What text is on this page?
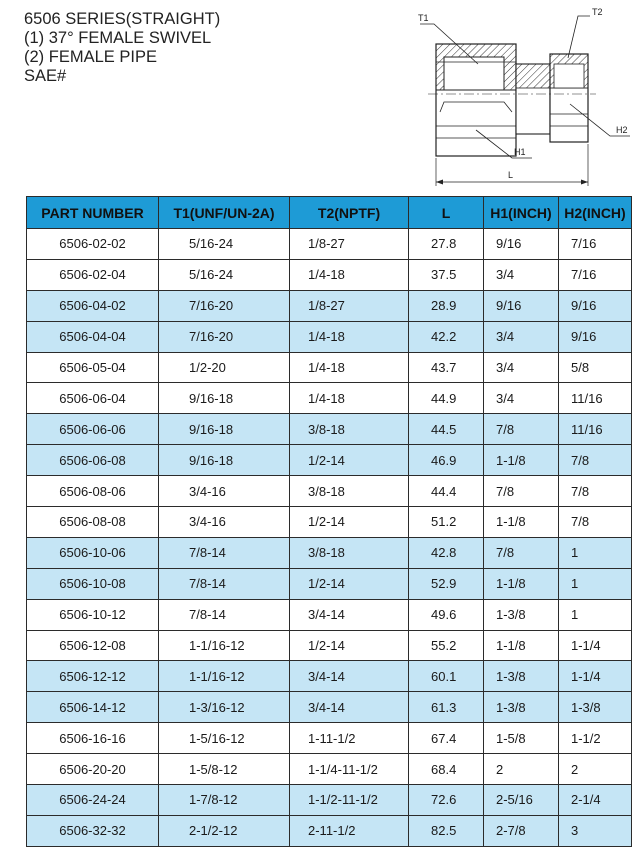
6506 SERIES(STRAIGHT)
(1) 37° FEMALE SWIVEL
(2) FEMALE PIPE
SAE#
T1
T2
H1
H2
L
PART NUMBER	T1(UNF/UN-2A)	T2(NPTF)	L	H1(INCH)	H2(INCH)
6506-02-02	5/16-24	1/8-27	27.8	9/16	7/16
6506-02-04	5/16-24	1/4-18	37.5	3/4	7/16
6506-04-02	7/16-20	1/8-27	28.9	9/16	9/16
6506-04-04	7/16-20	1/4-18	42.2	3/4	9/16
6506-05-04	1/2-20	1/4-18	43.7	3/4	5/8
6506-06-04	9/16-18	1/4-18	44.9	3/4	11/16
6506-06-06	9/16-18	3/8-18	44.5	7/8	11/16
6506-06-08	9/16-18	1/2-14	46.9	1-1/8	7/8
6506-08-06	3/4-16	3/8-18	44.4	7/8	7/8
6506-08-08	3/4-16	1/2-14	51.2	1-1/8	7/8
6506-10-06	7/8-14	3/8-18	42.8	7/8	1
6506-10-08	7/8-14	1/2-14	52.9	1-1/8	1
6506-10-12	7/8-14	3/4-14	49.6	1-3/8	1
6506-12-08	1-1/16-12	1/2-14	55.2	1-1/8	1-1/4
6506-12-12	1-1/16-12	3/4-14	60.1	1-3/8	1-1/4
6506-14-12	1-3/16-12	3/4-14	61.3	1-3/8	1-3/8
6506-16-16	1-5/16-12	1-11-1/2	67.4	1-5/8	1-1/2
6506-20-20	1-5/8-12	1-1/4-11-1/2	68.4	2	2
6506-24-24	1-7/8-12	1-1/2-11-1/2	72.6	2-5/16	2-1/4
6506-32-32	2-1/2-12	2-11-1/2	82.5	2-7/8	3
